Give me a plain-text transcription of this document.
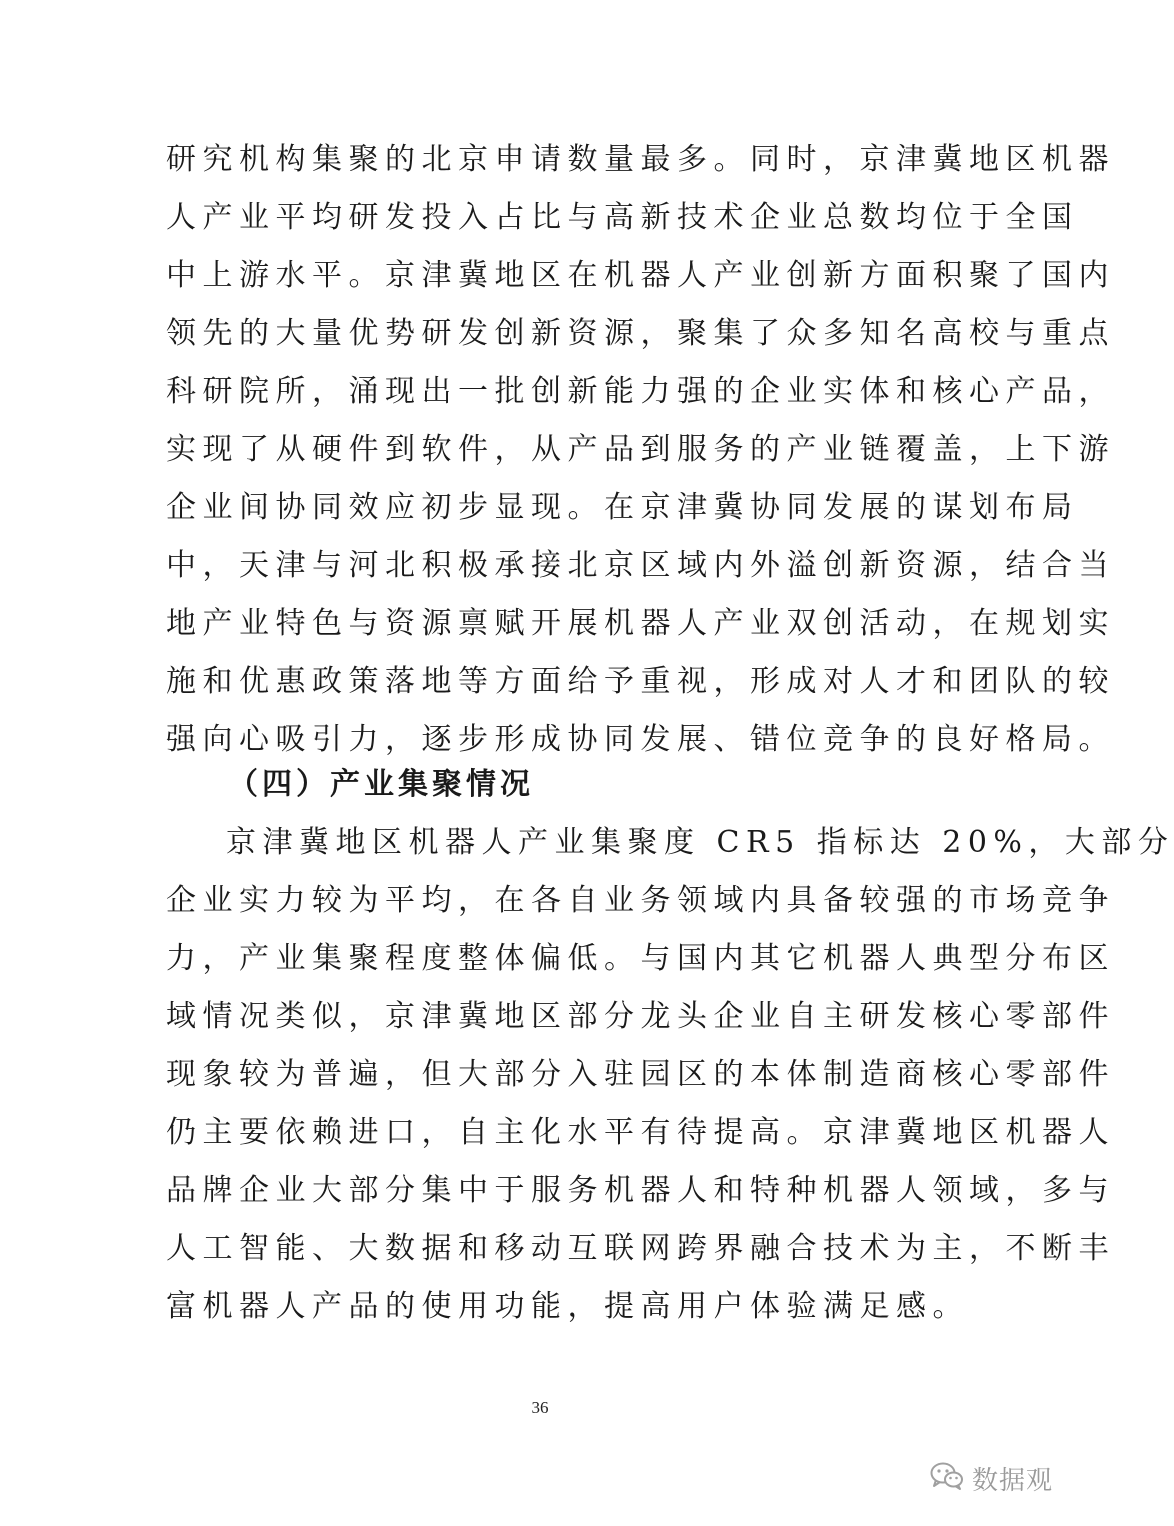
研究机构集聚的北京申请数量最多。同时，京津冀地区机器
人产业平均研发投入占比与高新技术企业总数均位于全国
中上游水平。京津冀地区在机器人产业创新方面积聚了国内
领先的大量优势研发创新资源，聚集了众多知名高校与重点
科研院所，涌现出一批创新能力强的企业实体和核心产品，
实现了从硬件到软件，从产品到服务的产业链覆盖，上下游
企业间协同效应初步显现。在京津冀协同发展的谋划布局
中，天津与河北积极承接北京区域内外溢创新资源，结合当
地产业特色与资源禀赋开展机器人产业双创活动，在规划实
施和优惠政策落地等方面给予重视，形成对人才和团队的较
强向心吸引力，逐步形成协同发展、错位竞争的良好格局。
（四）产业集聚情况
京津冀地区机器人产业集聚度 CR5 指标达 20%，大部分
企业实力较为平均，在各自业务领域内具备较强的市场竞争
力，产业集聚程度整体偏低。与国内其它机器人典型分布区
域情况类似，京津冀地区部分龙头企业自主研发核心零部件
现象较为普遍，但大部分入驻园区的本体制造商核心零部件
仍主要依赖进口，自主化水平有待提高。京津冀地区机器人
品牌企业大部分集中于服务机器人和特种机器人领域，多与
人工智能、大数据和移动互联网跨界融合技术为主，不断丰
富机器人产品的使用功能，提高用户体验满足感。
36
数据观
